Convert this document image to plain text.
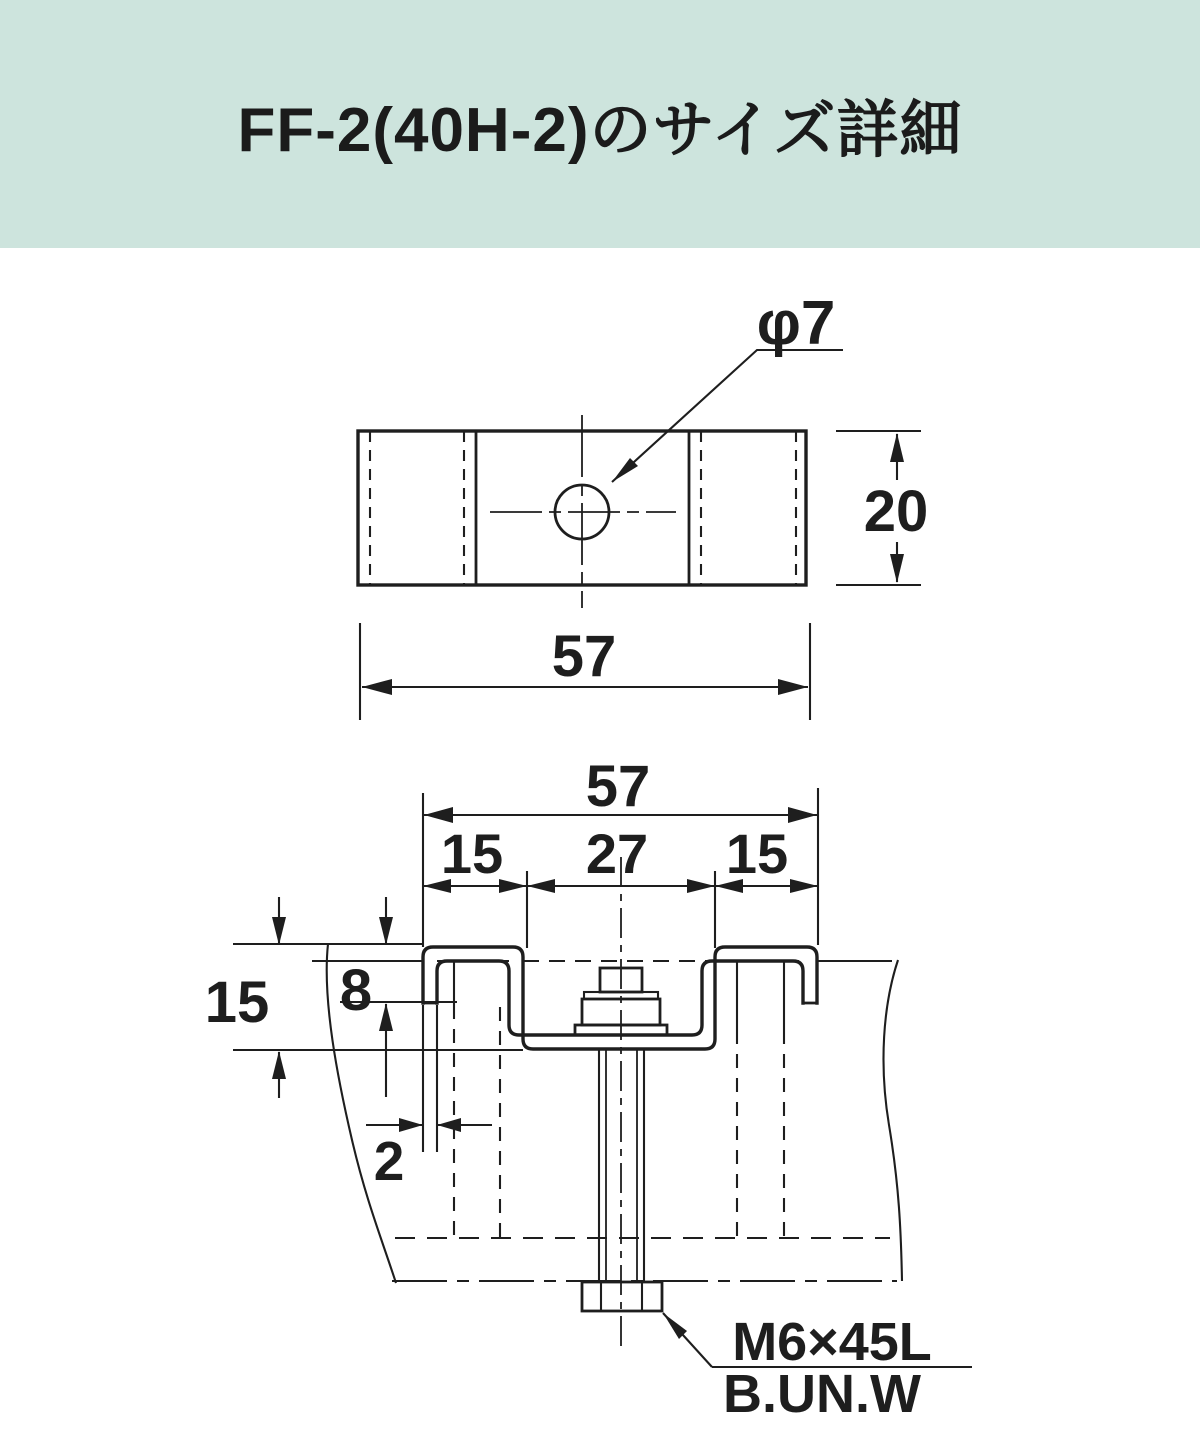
FF-2(40H-2)のサイズ詳細
φ7
20
57
57
15 27 15
15 8
2
M6×45L
B.UN.W
